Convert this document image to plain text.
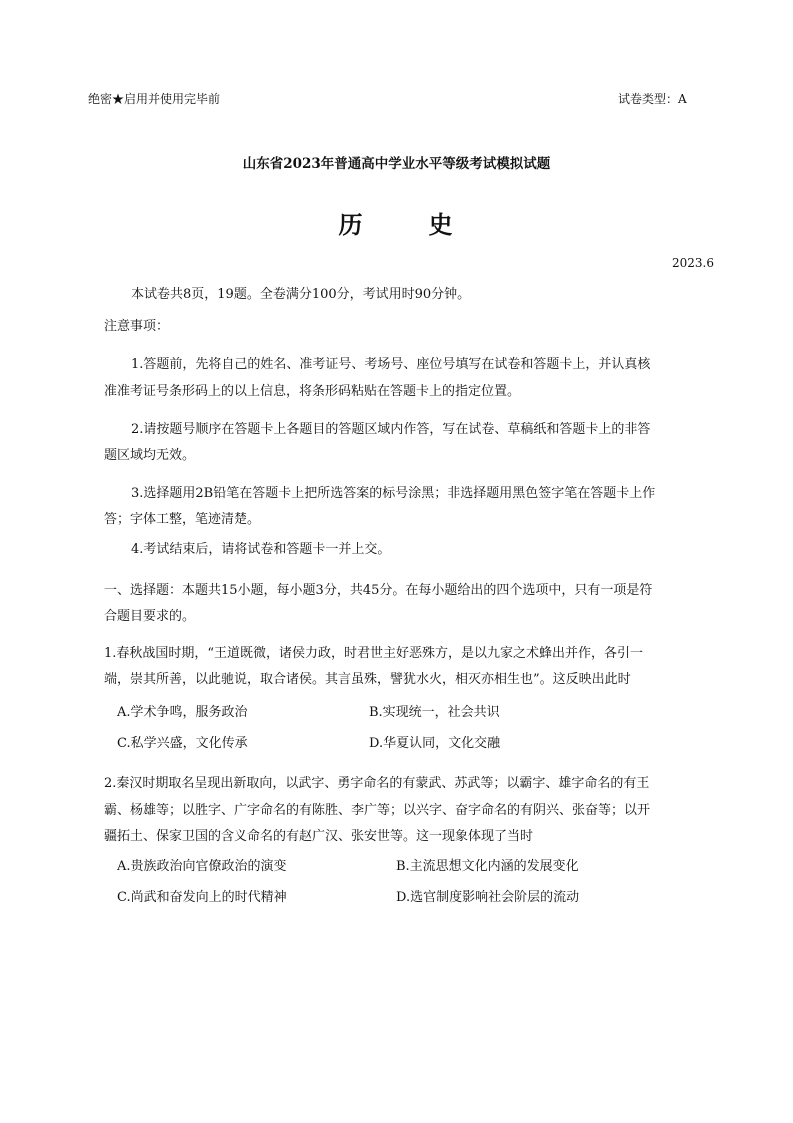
绝密★启用并使用完毕前	试卷类型：A
山东省2023年普通高中学业水平等级考试模拟试题
历	史
2023.6
本试卷共8页，19题。全卷满分100分，考试用时90分钟。
注意事项：
1.答题前，先将自己的姓名、准考证号、考场号、座位号填写在试卷和答题卡上，并认真核
准准考证号条形码上的以上信息，将条形码粘贴在答题卡上的指定位置。
2.请按题号顺序在答题卡上各题目的答题区域内作答，写在试卷、草稿纸和答题卡上的非答
题区域均无效。
3.选择题用2B铅笔在答题卡上把所选答案的标号涂黑；非选择题用黑色签字笔在答题卡上作
答；字体工整，笔迹清楚。
4.考试结束后，请将试卷和答题卡一并上交。
一、选择题：本题共15小题，每小题3分，共45分。在每小题给出的四个选项中，只有一项是符
合题目要求的。
1.春秋战国时期，“王道既微，诸侯力政，时君世主好恶殊方，是以九家之术蜂出并作，各引一
端，崇其所善，以此驰说，取合诸侯。其言虽殊，譬犹水火，相灭亦相生也”。这反映出此时
A.学术争鸣，服务政治	B.实现统一，社会共识
C.私学兴盛，文化传承	D.华夏认同，文化交融
2.秦汉时期取名呈现出新取向，以武字、勇字命名的有蒙武、苏武等；以霸字、雄字命名的有王
霸、杨雄等；以胜字、广字命名的有陈胜、李广等；以兴字、奋字命名的有阴兴、张奋等；以开
疆拓土、保家卫国的含义命名的有赵广汉、张安世等。这一现象体现了当时
A.贵族政治向官僚政治的演变	B.主流思想文化内涵的发展变化
C.尚武和奋发向上的时代精神	D.选官制度影响社会阶层的流动
